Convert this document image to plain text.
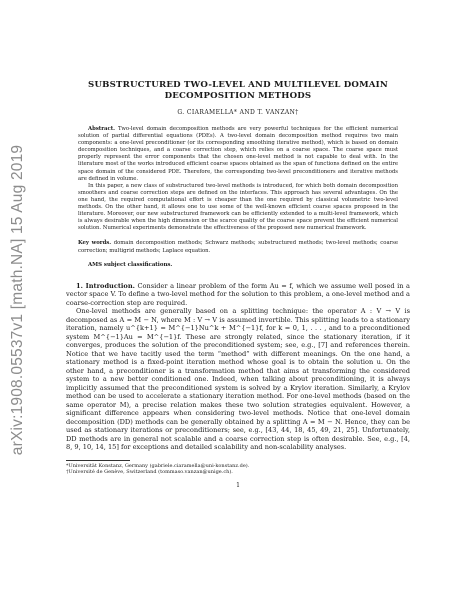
arXiv:1908.05537v1 [math.NA] 15 Aug 2019
SUBSTRUCTURED TWO-LEVEL AND MULTILEVEL DOMAIN
DECOMPOSITION METHODS
G. CIARAMELLA* AND T. VANZAN†

Abstract. Two-level domain decomposition methods are very powerful techniques for the efficient numerical solution of partial differential equations (PDEs). A two-level domain decomposition method requires two main components: a one-level preconditioner (or its corresponding smoothing iterative method), which is based on domain decomposition techniques, and a coarse correction step, which relies on a coarse space. The coarse space must properly represent the error components that the chosen one-level method is not capable to deal with. In the literature most of the works introduced efficient coarse spaces obtained as the span of functions defined on the entire space domain of the considered PDE. Therefore, the corresponding two-level preconditioners and iterative methods are defined in volume.

In this paper, a new class of substructured two-level methods is introduced, for which both domain decomposition smoothers and coarse correction steps are defined on the interfaces. This approach has several advantages. On the one hand, the required computational effort is cheaper than the one required by classical volumetric two-level methods. On the other hand, it allows one to use some of the well-known efficient coarse spaces proposed in the literature. Moreover, our new substructured framework can be efficiently extended to a multi-level framework, which is always desirable when the high dimension or the scarce quality of the coarse space prevent the efficient numerical solution. Numerical experiments demonstrate the effectiveness of the proposed new numerical framework.

Key words. domain decomposition methods; Schwarz methods; substructured methods; two-level methods; coarse correction; multigrid methods; Laplace equation.
AMS subject classifications.

1. Introduction. Consider a linear problem of the form Au = f, which we assume well posed in a vector space V. To define a two-level method for the solution to this problem, a one-level method and a coarse-correction step are required.

One-level methods are generally based on a splitting technique: the operator A : V → V is decomposed as A = M − N, where M : V → V is assumed invertible. This splitting leads to a stationary iteration, namely u^{k+1} = M^{−1}Nu^k + M^{−1}f, for k = 0, 1, . . . , and to a preconditioned system M^{−1}Au = M^{−1}f. These are strongly related, since the stationary iteration, if it converges, produces the solution of the preconditioned system; see, e.g., [7] and references therein. Notice that we have tacitly used the term “method” with different meanings. On the one hand, a stationary method is a fixed-point iteration method whose goal is to obtain the solution u. On the other hand, a preconditioner is a transformation method that aims at transforming the considered system to a new better conditioned one. Indeed, when talking about preconditioning, it is always implicitly assumed that the preconditioned system is solved by a Krylov iteration. Similarly, a Krylov method can be used to accelerate a stationary iteration method. For one-level methods (based on the same operator M), a precise relation makes these two solution strategies equivalent. However, a significant difference appears when considering two-level methods. Notice that one-level domain decomposition (DD) methods can be generally obtained by a splitting A = M − N. Hence, they can be used as stationary iterations or preconditioners; see, e.g., [43, 44, 18, 45, 49, 21, 25]. Unfortunately, DD methods are in general not scalable and a coarse correction step is often desirable. See, e.g., [4, 8, 9, 10, 14, 15] for exceptions and detailed scalability and non-scalability analyses.

*Universität Konstanz, Germany (gabriele.ciaramella@uni-konstanz.de).
†Université de Genève, Switzerland (tommaso.vanzan@unige.ch).
1
